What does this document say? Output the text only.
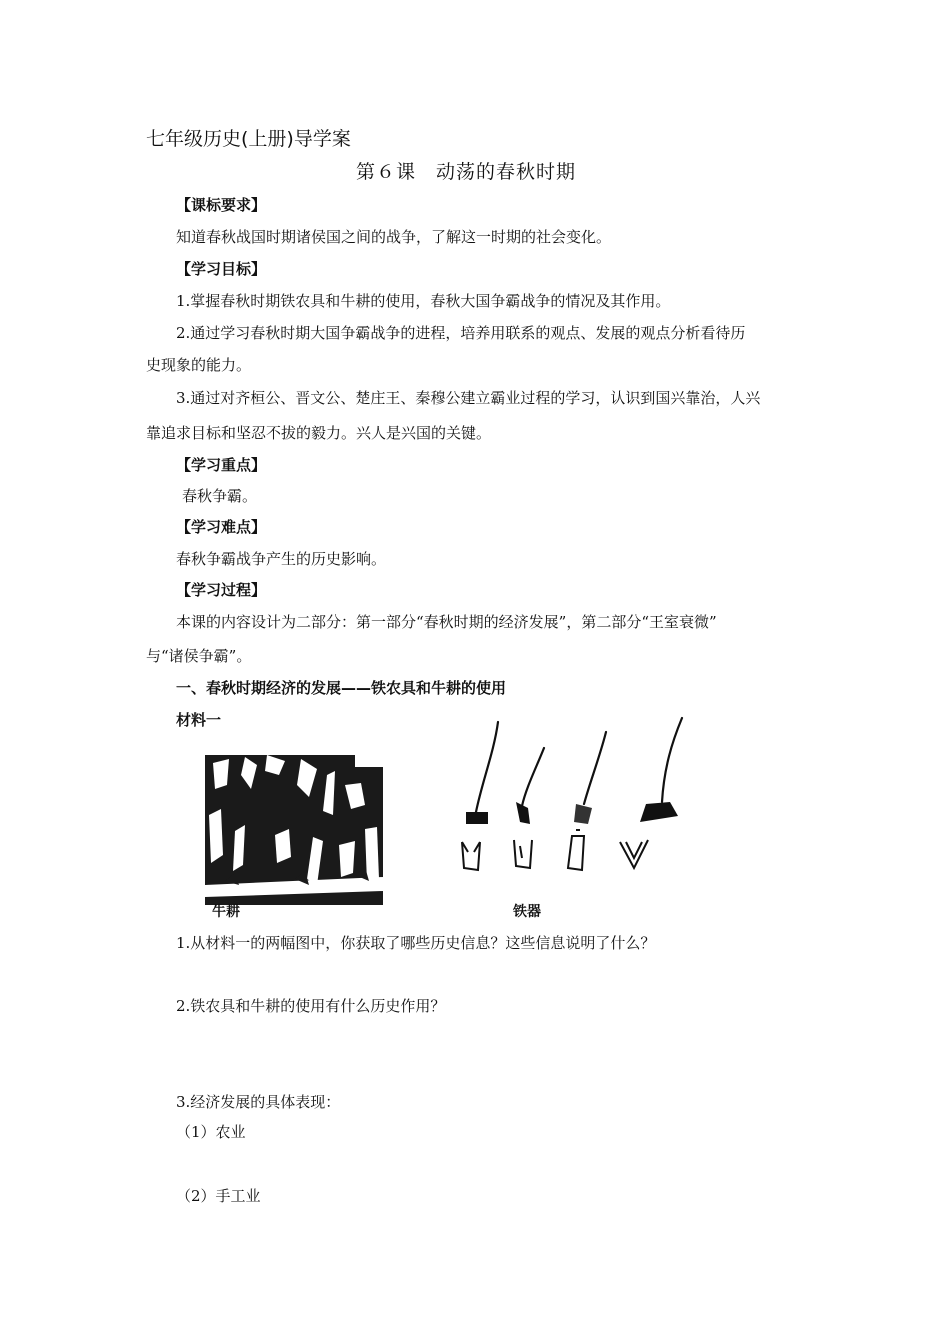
七年级历史(上册)导学案
第６课 动荡的春秋时期
【课标要求】
知道春秋战国时期诸侯国之间的战争，了解这一时期的社会变化。
【学习目标】
1.掌握春秋时期铁农具和牛耕的使用，春秋大国争霸战争的情况及其作用。
2.通过学习春秋时期大国争霸战争的进程，培养用联系的观点、发展的观点分析看待历
史现象的能力。
3.通过对齐桓公、晋文公、楚庄王、秦穆公建立霸业过程的学习，认识到国兴靠治，人兴
靠追求目标和坚忍不拔的毅力。兴人是兴国的关键。
【学习重点】
春秋争霸。
【学习难点】
春秋争霸战争产生的历史影响。
【学习过程】
本课的内容设计为二部分：第一部分“春秋时期的经济发展”，第二部分“王室衰微”
与“诸侯争霸”。
一、春秋时期经济的发展——铁农具和牛耕的使用
材料一
牛耕	铁器
1.从材料一的两幅图中，你获取了哪些历史信息？这些信息说明了什么？
2.铁农具和牛耕的使用有什么历史作用？
3.经济发展的具体表现：
（1）农业
（2）手工业
